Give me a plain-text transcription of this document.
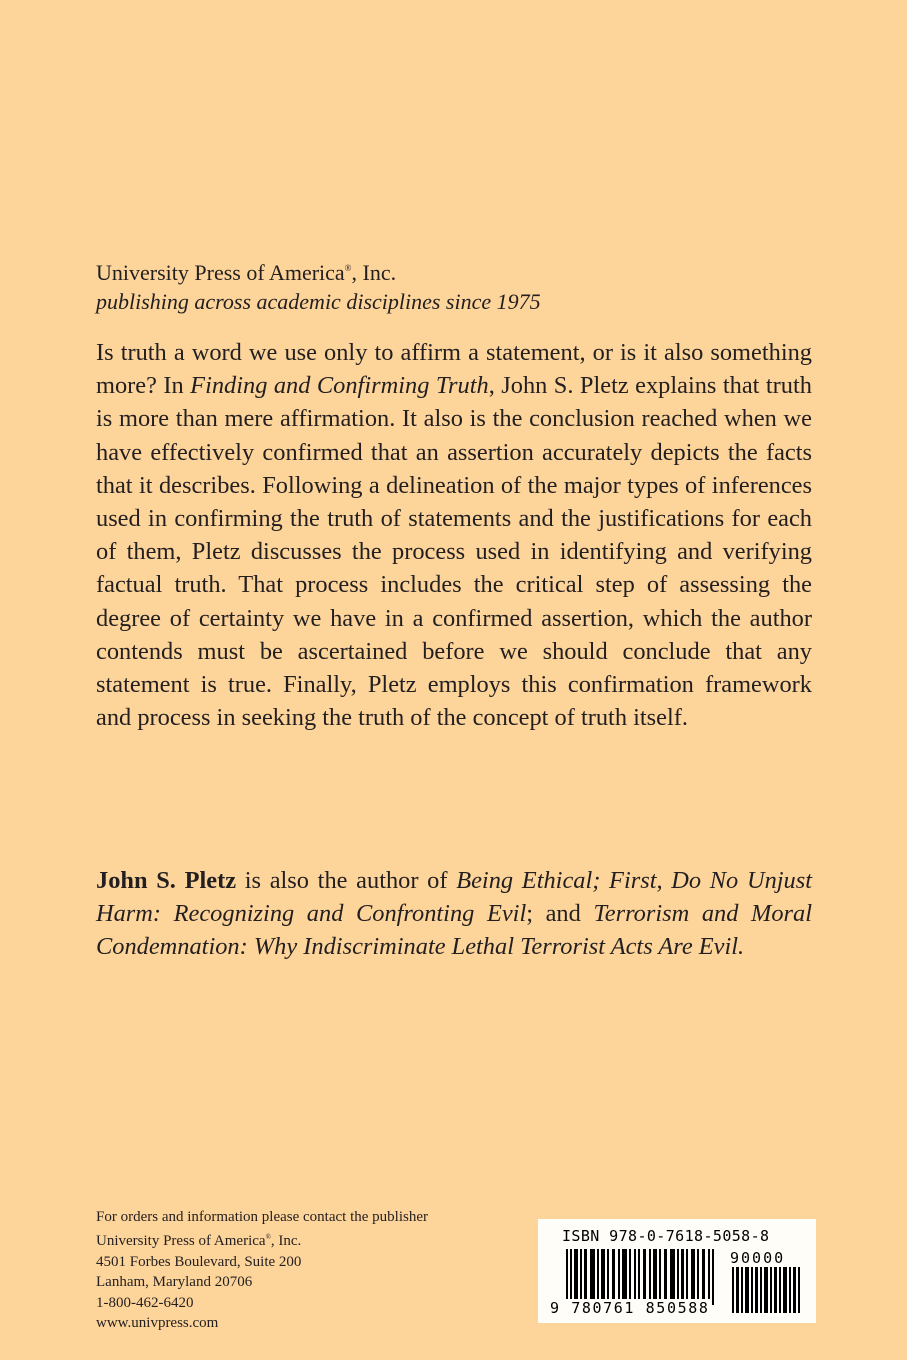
University Press of America®, Inc.
publishing across academic disciplines since 1975

Is truth a word we use only to affirm a statement, or is it also something more? In Finding and Confirming Truth, John S. Pletz explains that truth is more than mere affirmation. It also is the conclusion reached when we have effectively confirmed that an assertion accurately depicts the facts that it describes. Following a delineation of the major types of inferences used in confirming the truth of statements and the justifications for each of them, Pletz discusses the process used in identifying and verifying factual truth. That process includes the critical step of assessing the degree of certainty we have in a confirmed assertion, which the author contends must be ascertained before we should conclude that any statement is true. Finally, Pletz employs this confirmation framework and process in seeking the truth of the concept of truth itself.

John S. Pletz is also the author of Being Ethical; First, Do No Unjust Harm: Recognizing and Confronting Evil; and Terrorism and Moral Condemnation: Why Indiscriminate Lethal Terrorist Acts Are Evil.

For orders and information please contact the publisher
University Press of America®, Inc.
4501 Forbes Boulevard, Suite 200
Lanham, Maryland 20706
1-800-462-6420
www.univpress.com
ISBN 978-0-7618-5058-8
90000
9 780761 850588
